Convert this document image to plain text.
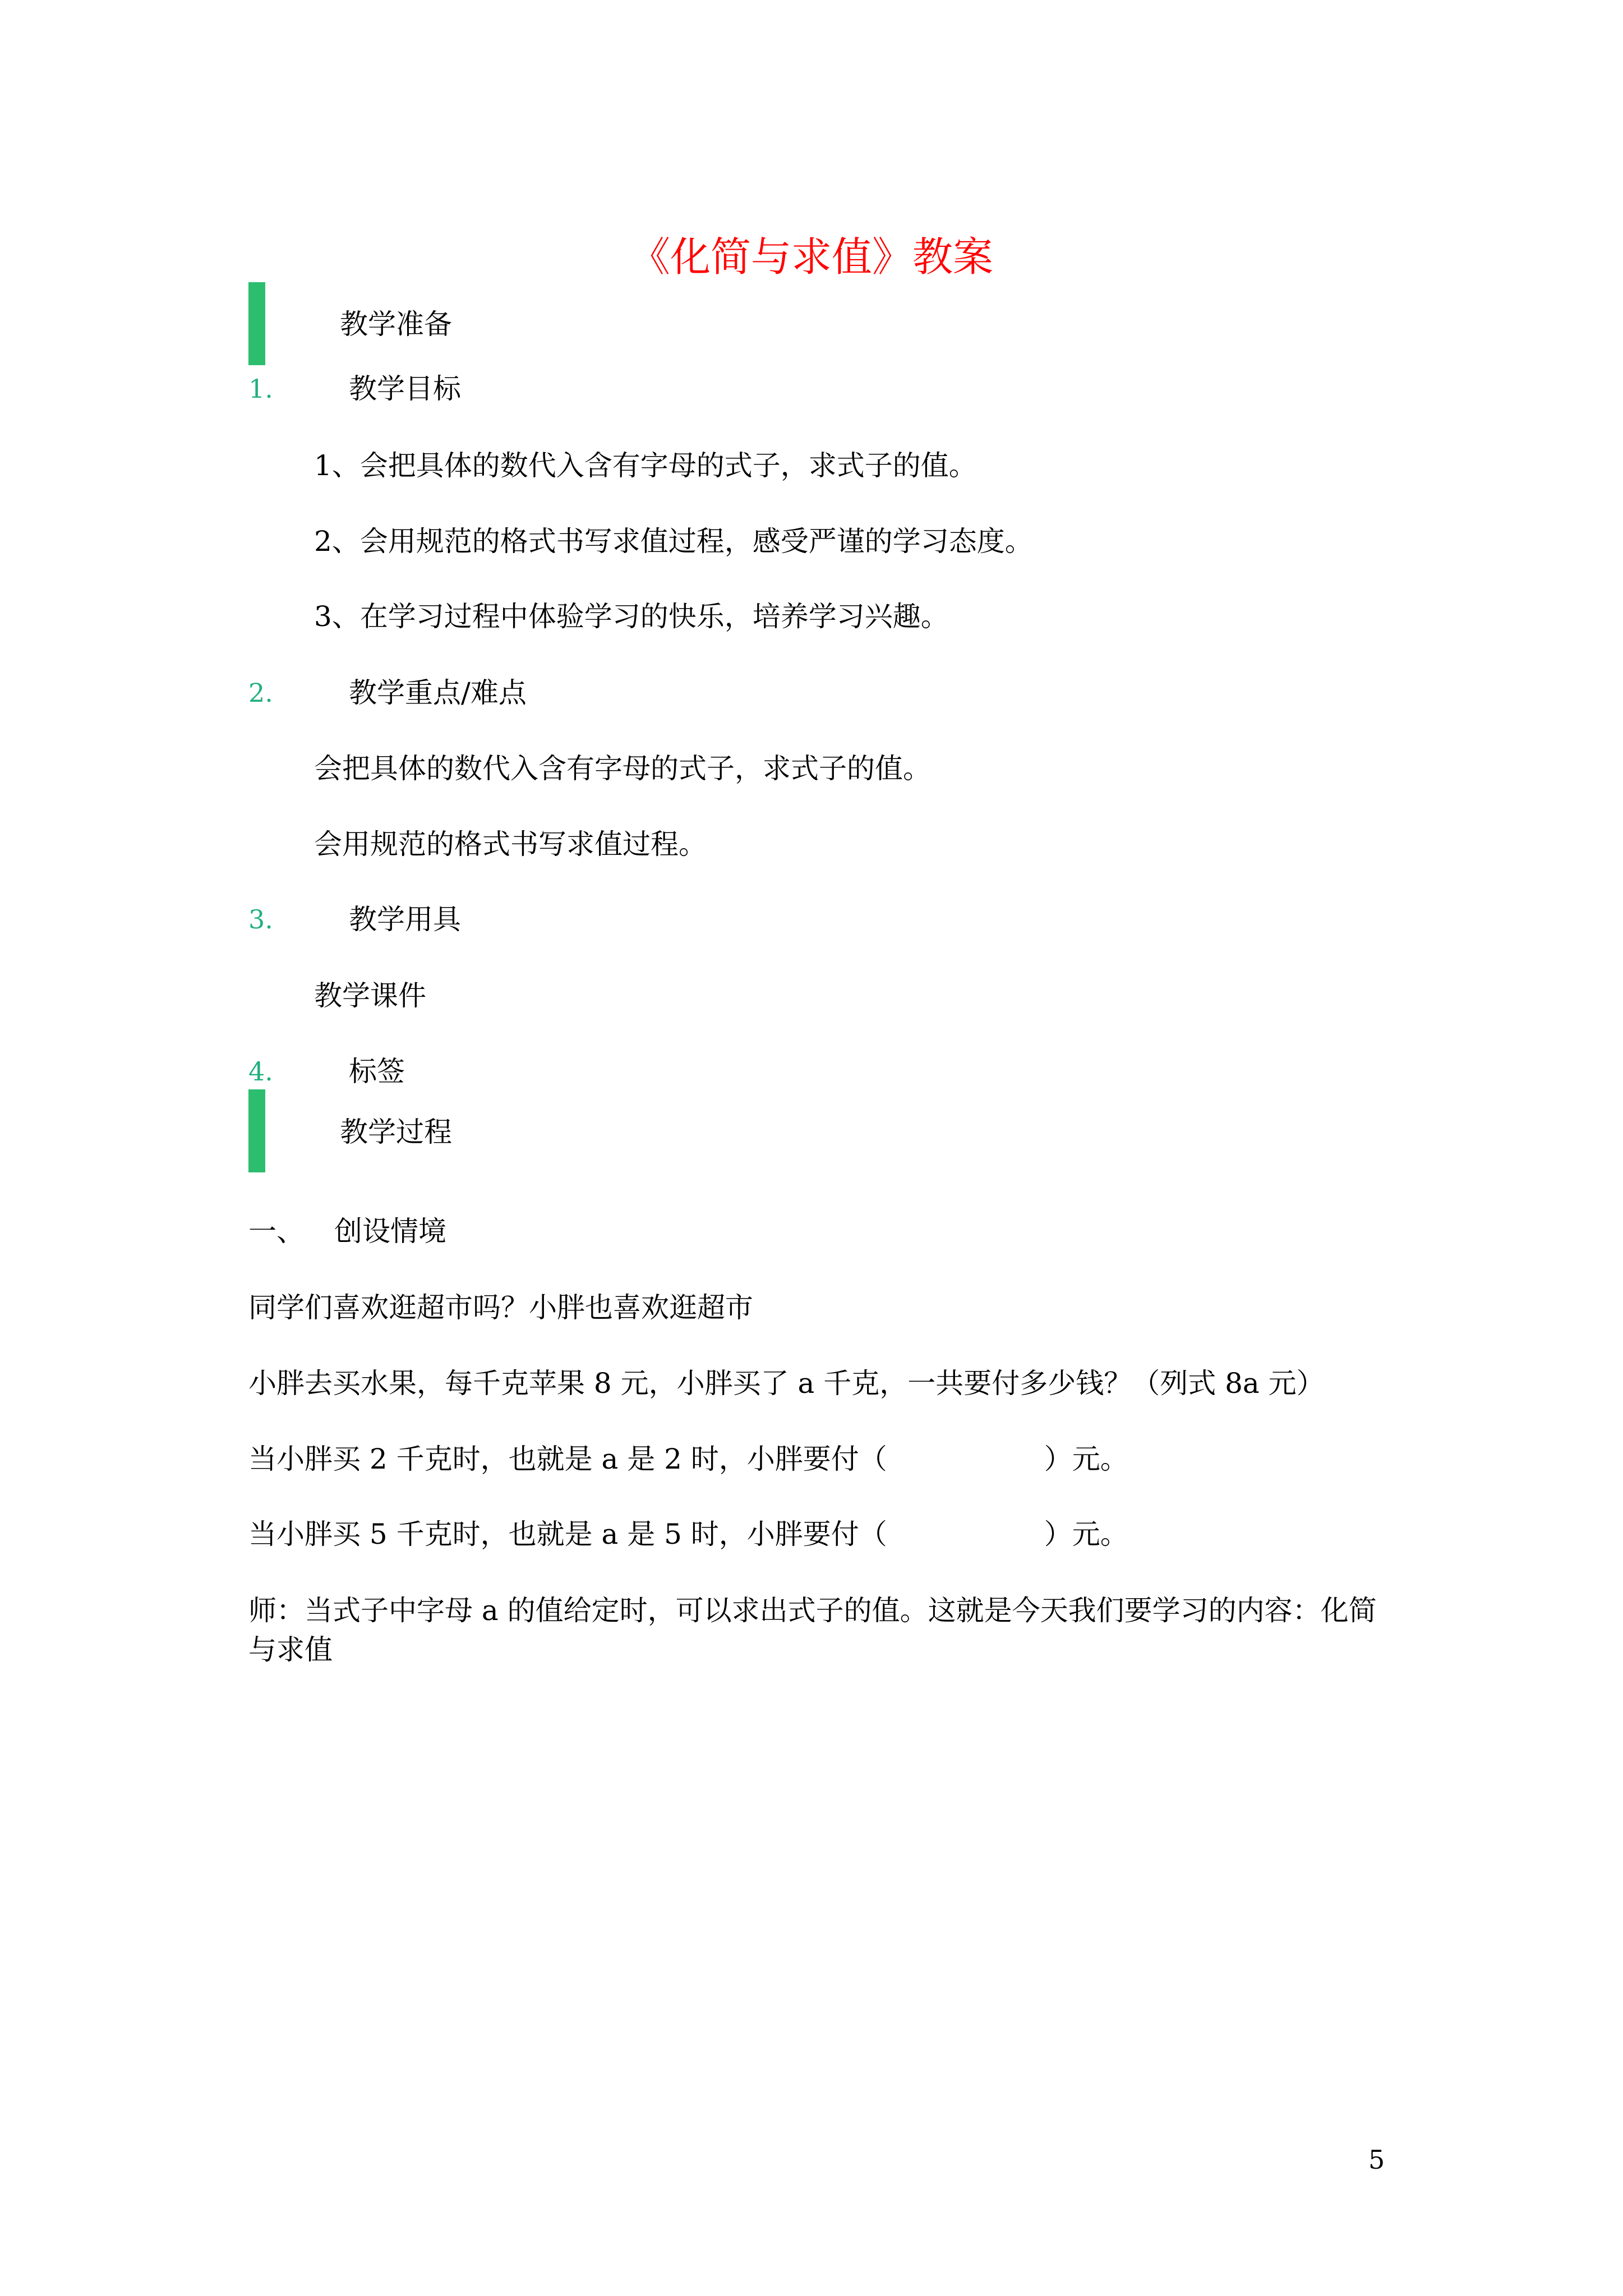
《化简与求值》教案
教学准备
1.	教学目标
1、会把具体的数代入含有字母的式子，求式子的值。
2、会用规范的格式书写求值过程，感受严谨的学习态度。
3、在学习过程中体验学习的快乐，培养学习兴趣。
2.	教学重点/难点
会把具体的数代入含有字母的式子，求式子的值。
会用规范的格式书写求值过程。
3.	教学用具
教学课件
4.	标签
教学过程
一、 创设情境
同学们喜欢逛超市吗？小胖也喜欢逛超市
小胖去买水果，每千克苹果 8 元，小胖买了 a 千克，一共要付多少钱？（列式 8a 元）
当小胖买 2 千克时，也就是 a 是 2 时，小胖要付（	）元。
当小胖买 5 千克时，也就是 a 是 5 时，小胖要付（	）元。
师：当式子中字母 a 的值给定时，可以求出式子的值。这就是今天我们要学习的内容：化简与求值
5
